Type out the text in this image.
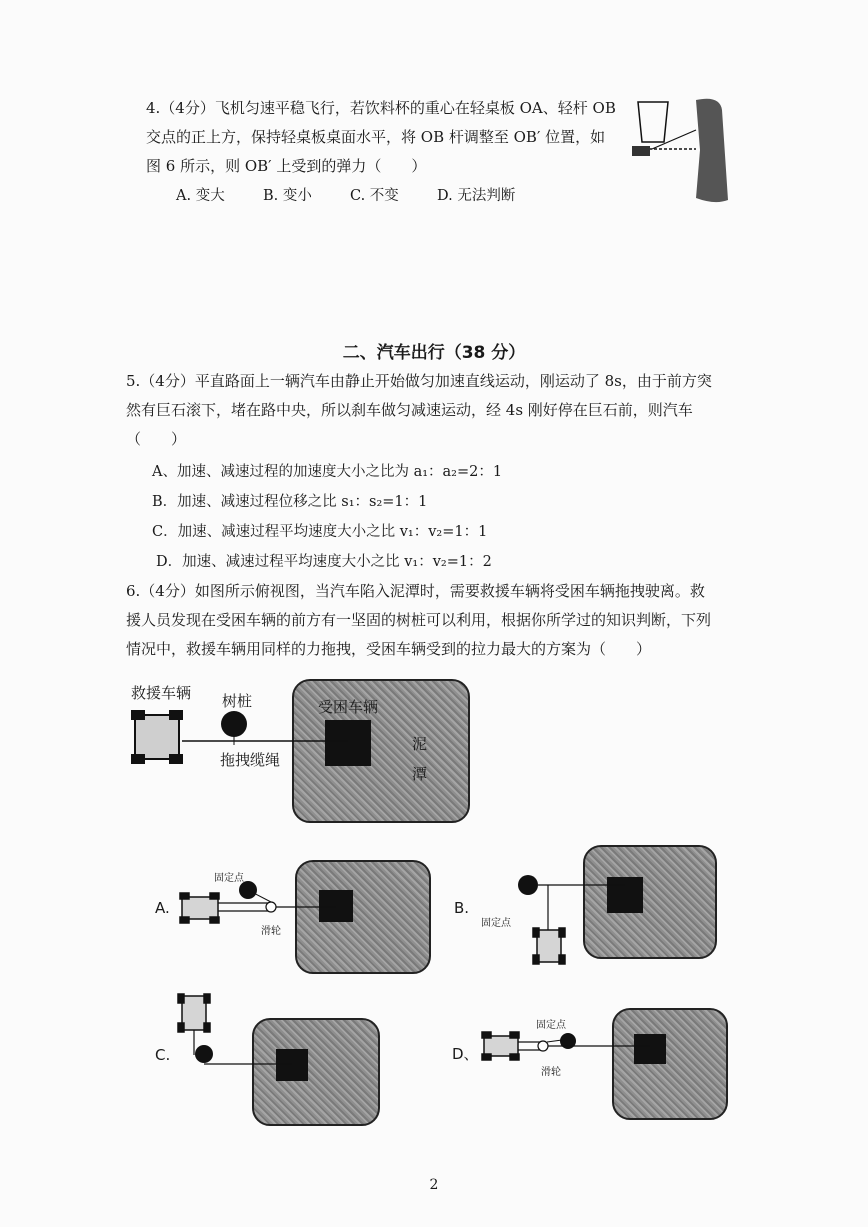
4.（4分）飞机匀速平稳飞行，若饮料杯的重心在轻桌板 OA、轻杆 OB
交点的正上方，保持轻桌板桌面水平，将 OB 杆调整至 OB′ 位置，如
图 6 所示，则 OB′ 上受到的弹力（　　）
A. 变大	B. 变小	C. 不变	D. 无法判断
二、汽车出行（38 分）
5.（4分）平直路面上一辆汽车由静止开始做匀加速直线运动，刚运动了 8s，由于前方突
然有巨石滚下，堵在路中央，所以刹车做匀减速运动，经 4s 刚好停在巨石前，则汽车
（　　）
A、加速、减速过程的加速度大小之比为 a₁：a₂=2：1
B．加速、减速过程位移之比 s₁：s₂=1：1
C．加速、减速过程平均速度大小之比 v₁：v₂=1：1
D．加速、减速过程平均速度大小之比 v₁：v₂=1：2
6.（4分）如图所示俯视图，当汽车陷入泥潭时，需要救援车辆将受困车辆拖拽驶离。救
援人员发现在受困车辆的前方有一坚固的树桩可以利用，根据你所学过的知识判断，下列
情况中，救援车辆用同样的力拖拽，受困车辆受到的拉力最大的方案为（　　）
救援车辆 树桩	受困车辆
泥
潭
拖拽缆绳
A.	B.
C.	D、
固定点
滑轮
固定点
固定点
滑轮
2
